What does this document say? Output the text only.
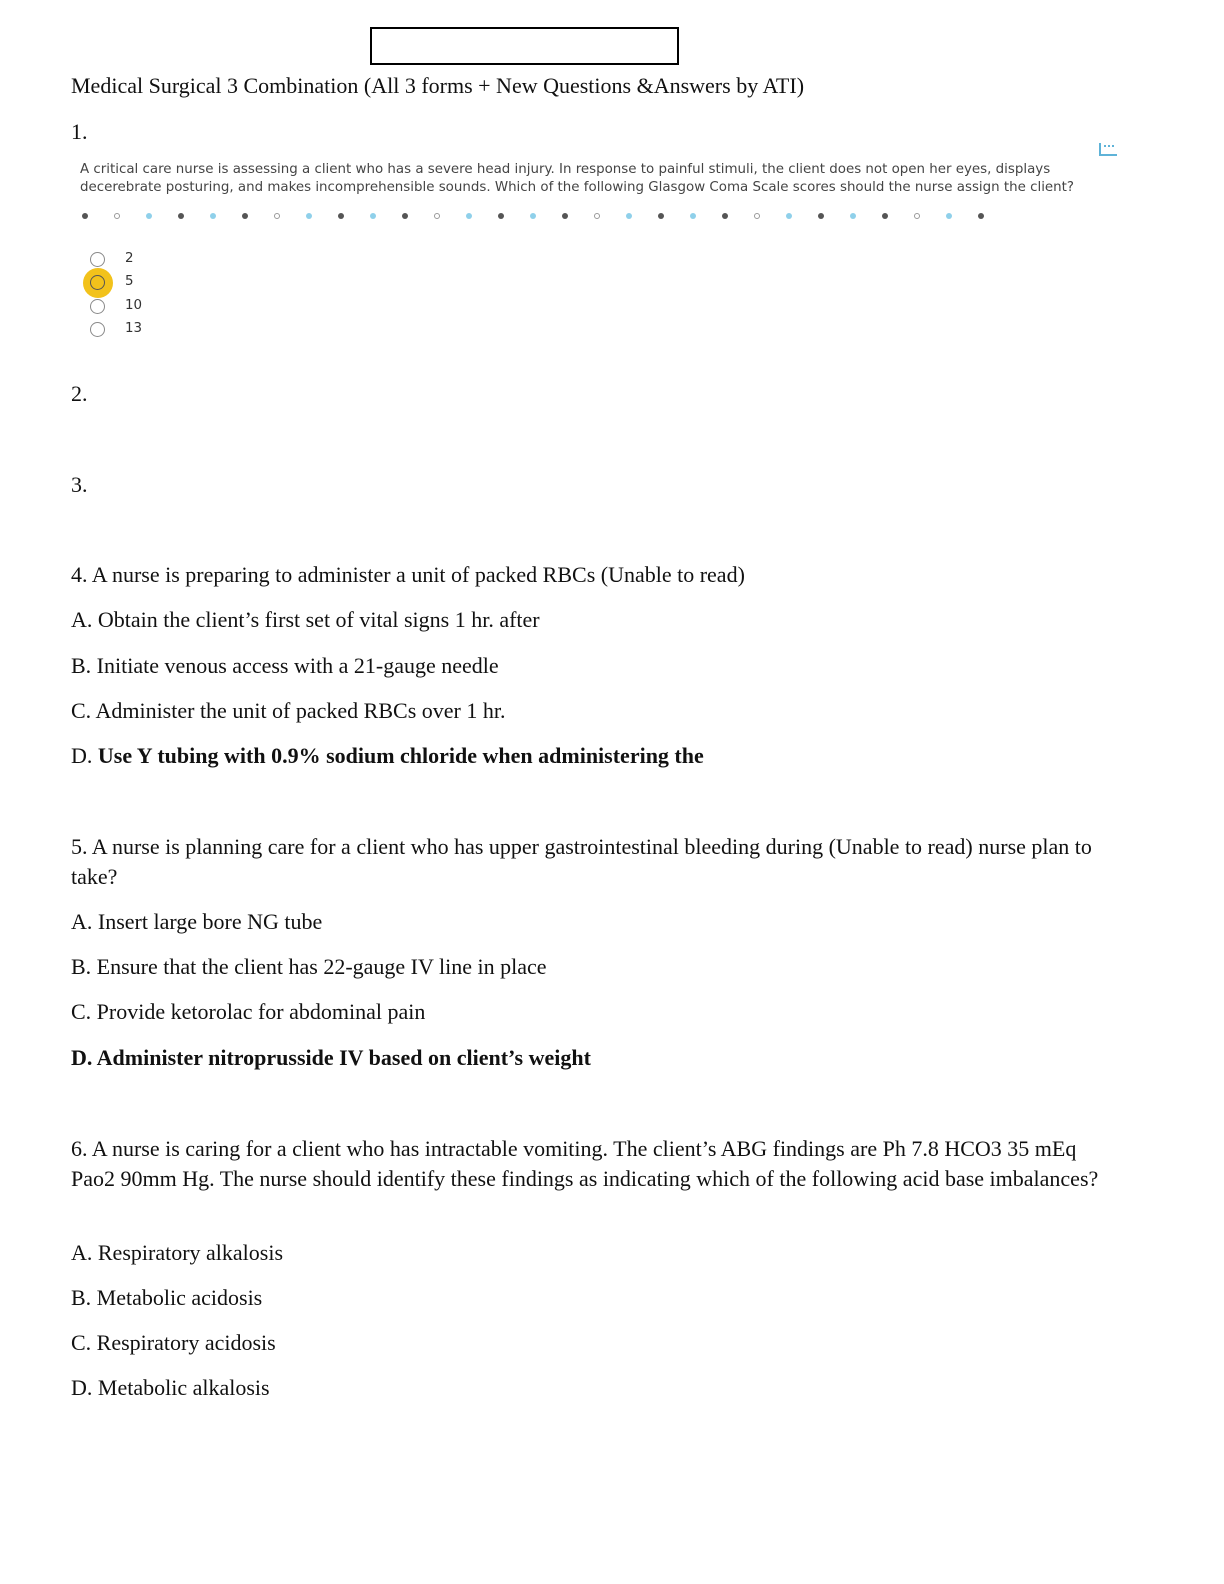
Medical Surgical 3 Combination (All 3 forms + New Questions &Answers by ATI)
1.
A critical care nurse is assessing a client who has a severe head injury. In response to painful stimuli, the client does not open her eyes, displays decerebrate posturing, and makes incomprehensible sounds. Which of the following Glasgow Coma Scale scores should the nurse assign the client?
2
5
10
13
2.
3.
4. A nurse is preparing to administer a unit of packed RBCs (Unable to read)
A. Obtain the client’s first set of vital signs 1 hr. after
B. Initiate venous access with a 21-gauge needle
C. Administer the unit of packed RBCs over 1 hr.
D. Use Y tubing with 0.9% sodium chloride when administering the
5. A nurse is planning care for a client who has upper gastrointestinal bleeding during (Unable to read) nurse plan to take?
A. Insert large bore NG tube
B. Ensure that the client has 22-gauge IV line in place
C. Provide ketorolac for abdominal pain
D. Administer nitroprusside IV based on client’s weight
6. A nurse is caring for a client who has intractable vomiting. The client’s ABG findings are Ph 7.8 HCO3 35 mEq Pao2 90mm Hg. The nurse should identify these findings as indicating which of the following acid base imbalances?
A. Respiratory alkalosis
B. Metabolic acidosis
C. Respiratory acidosis
D. Metabolic alkalosis
